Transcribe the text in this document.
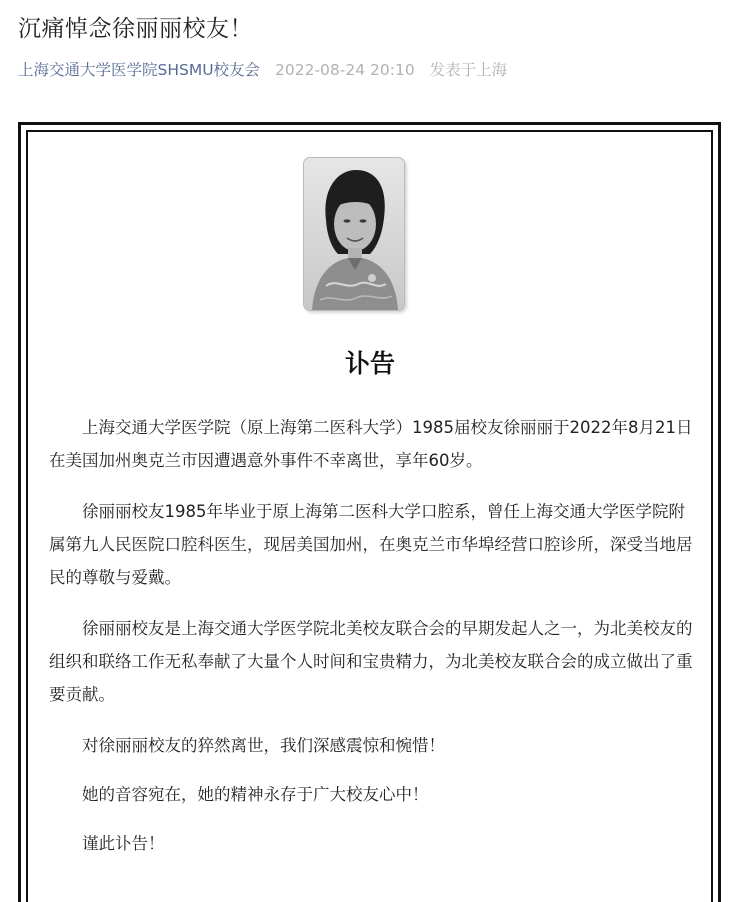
沉痛悼念徐丽丽校友！
上海交通大学医学院SHSMU校友会 2022-08-24 20:10 发表于上海
讣告

上海交通大学医学院（原上海第二医科大学）1985届校友徐丽丽于2022年8月21日在美国加州奥克兰市因遭遇意外事件不幸离世，享年60岁。

徐丽丽校友1985年毕业于原上海第二医科大学口腔系，曾任上海交通大学医学院附属第九人民医院口腔科医生，现居美国加州，在奥克兰市华埠经营口腔诊所，深受当地居民的尊敬与爱戴。

徐丽丽校友是上海交通大学医学院北美校友联合会的早期发起人之一，为北美校友的组织和联络工作无私奉献了大量个人时间和宝贵精力，为北美校友联合会的成立做出了重要贡献。

对徐丽丽校友的猝然离世，我们深感震惊和惋惜！

她的音容宛在，她的精神永存于广大校友心中！

谨此讣告！
